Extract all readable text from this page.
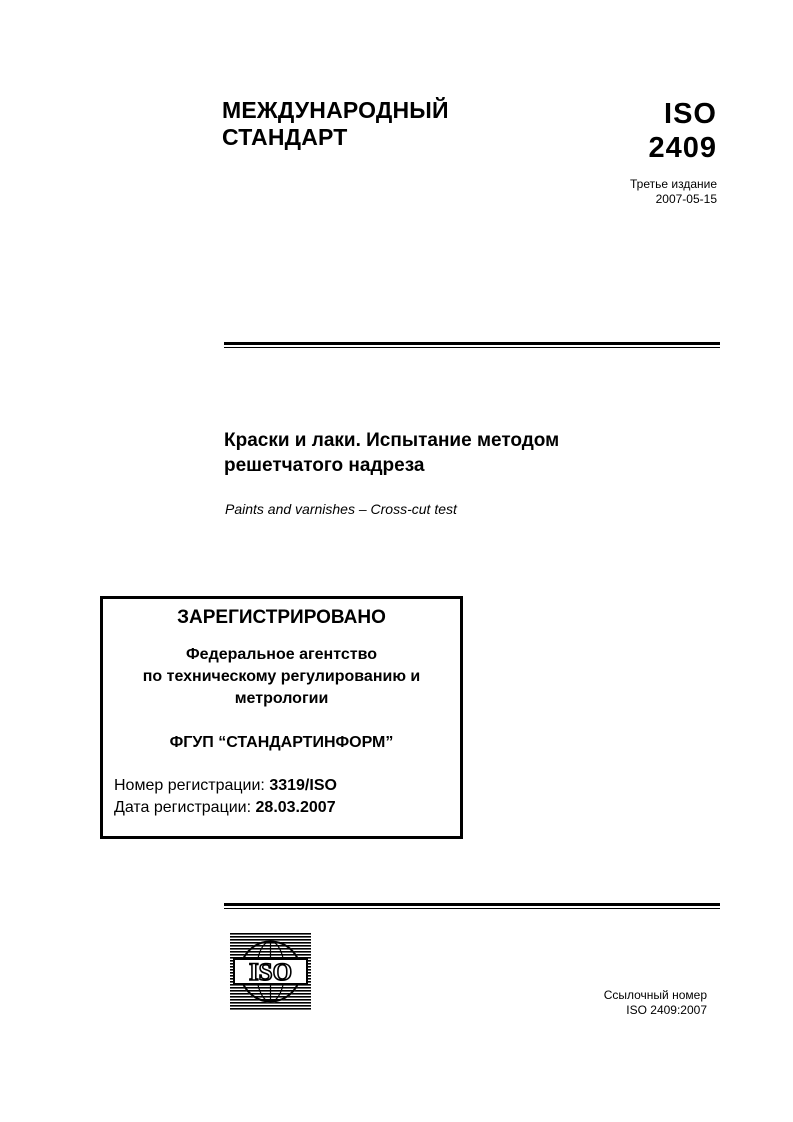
МЕЖДУНАРОДНЫЙ
СТАНДАРТ
ISO
2409
Третье издание
2007-05-15
Краски и лаки. Испытание методом
решетчатого надреза
Paints and varnishes – Cross-cut test
ЗАРЕГИСТРИРОВАНО
Федеральное агентство
по техническому регулированию и
метрологии
ФГУП “СТАНДАРТИНФОРМ”
Номер регистрации: 3319/ISO
Дата регистрации: 28.03.2007
ISO
Ссылочный номер
ISO 2409:2007
